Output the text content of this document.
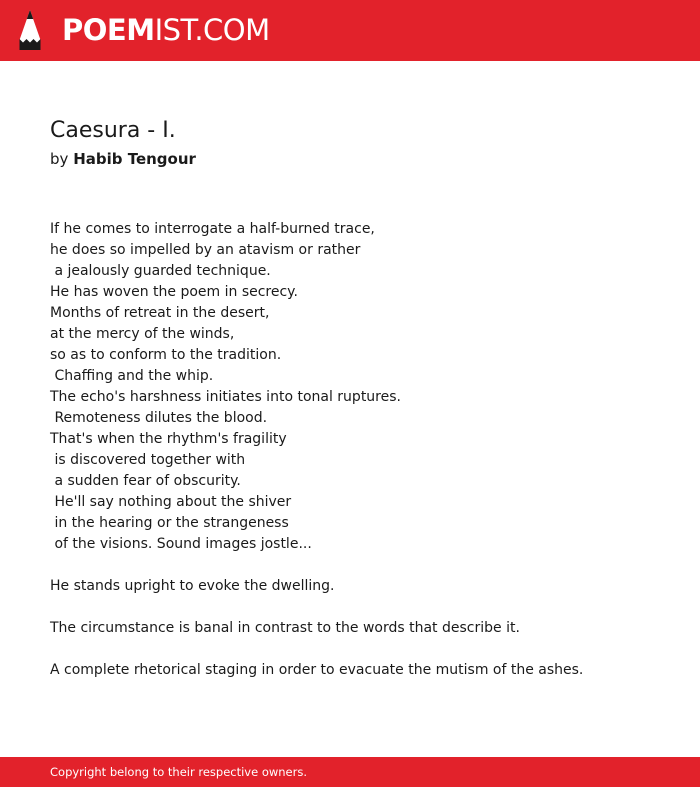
POEMIST.COM
Caesura - I.
by Habib Tengour
If he comes to interrogate a half-burned trace,
he does so impelled by an atavism or rather
a jealously guarded technique.
He has woven the poem in secrecy.
Months of retreat in the desert,
at the mercy of the winds,
so as to conform to the tradition.
Chaffing and the whip.
The echo's harshness initiates into tonal ruptures.
Remoteness dilutes the blood.
That's when the rhythm's fragility
is discovered together with
a sudden fear of obscurity.
He'll say nothing about the shiver
in the hearing or the strangeness
of the visions. Sound images jostle...
He stands upright to evoke the dwelling.
The circumstance is banal in contrast to the words that describe it.
A complete rhetorical staging in order to evacuate the mutism of the ashes.
Copyright belong to their respective owners.
